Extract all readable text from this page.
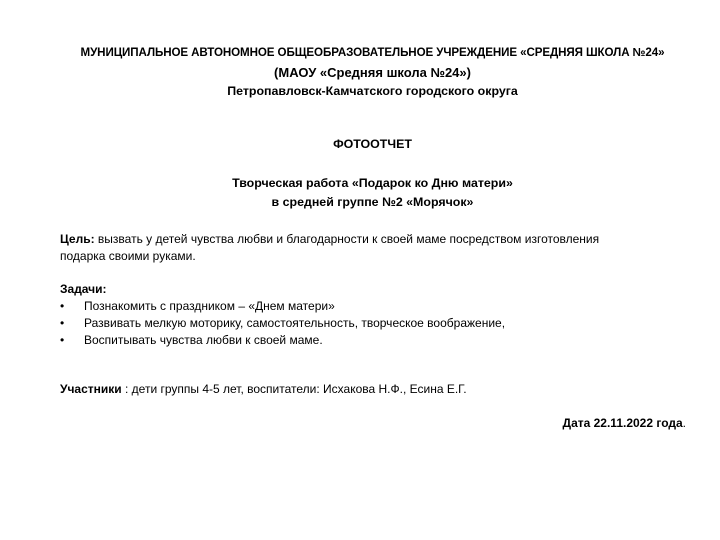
МУНИЦИПАЛЬНОЕ АВТОНОМНОЕ ОБЩЕОБРАЗОВАТЕЛЬНОЕ УЧРЕЖДЕНИЕ «СРЕДНЯЯ ШКОЛА №24»
(МАОУ «Средняя школа №24»)
Петропавловск-Камчатского городского округа
ФОТООТЧЕТ
Творческая работа «Подарок ко Дню матери»
в средней группе №2 «Морячок»
Цель: вызвать у детей чувства любви и благодарности к своей маме посредством изготовления
подарка своими руками.
Задачи:
•	Познакомить с праздником – «Днем матери»
•	Развивать мелкую моторику, самостоятельность, творческое воображение,
•	Воспитывать чувства любви к своей маме.
Участники : дети группы 4-5 лет, воспитатели: Исхакова Н.Ф., Есина Е.Г.
Дата 22.11.2022 года.
